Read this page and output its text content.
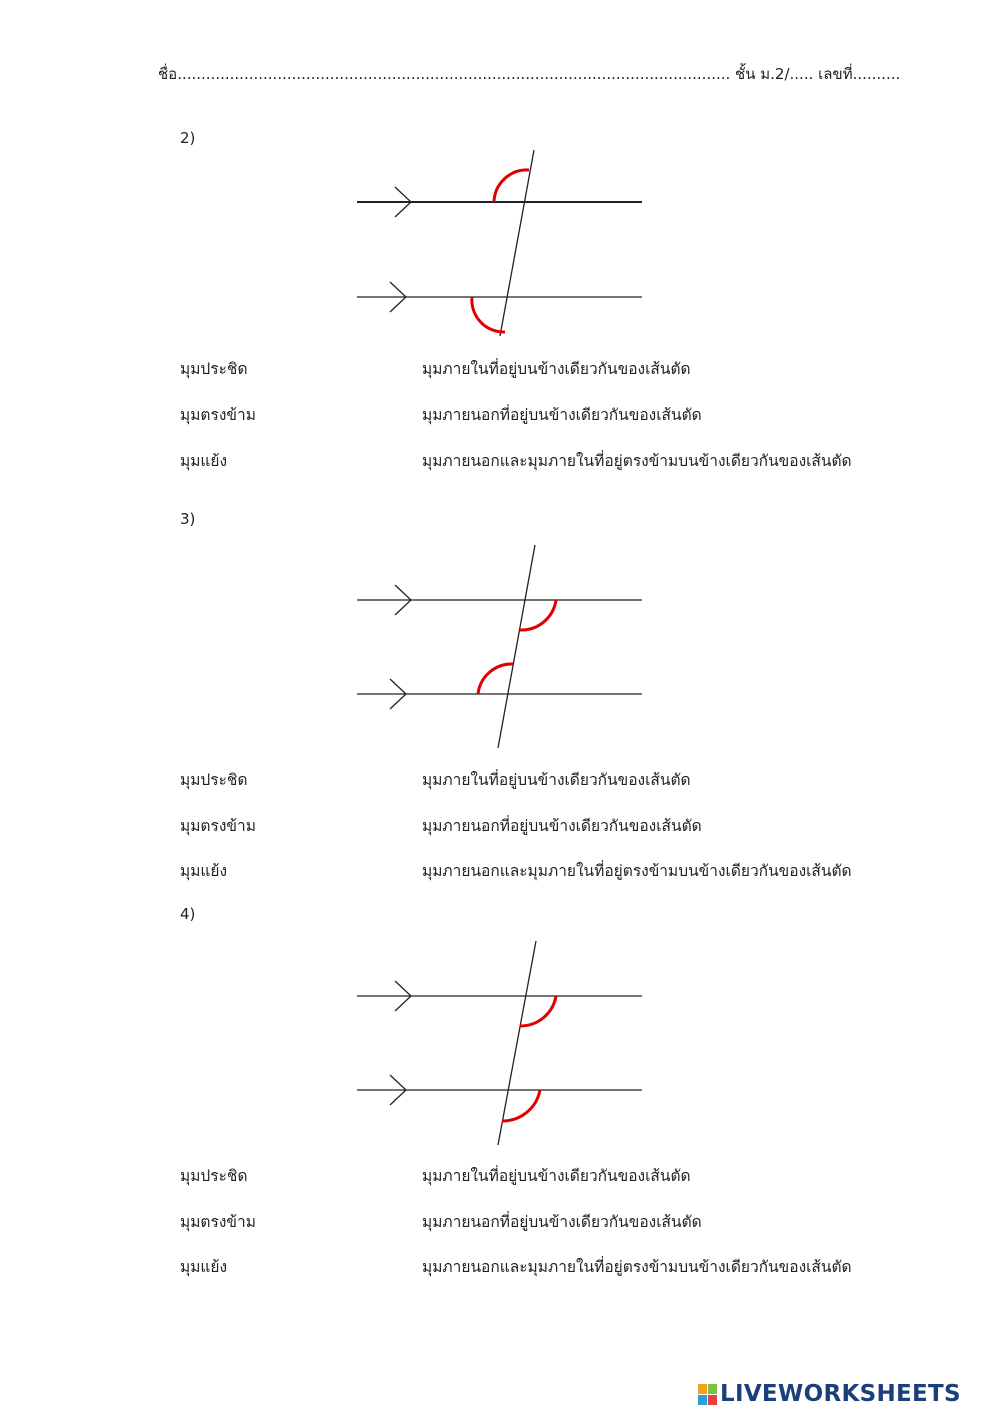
ชื่อ.................................................................................................................... ชั้น ม.2/..... เลขที่..........
2)
มุมประชิด	มุมภายในที่อยู่บนข้างเดียวกันของเส้นตัด
มุมตรงข้าม	มุมภายนอกที่อยู่บนข้างเดียวกันของเส้นตัด
มุมแย้ง	มุมภายนอกและมุมภายในที่อยู่ตรงข้ามบนข้างเดียวกันของเส้นตัด
3)
มุมประชิด	มุมภายในที่อยู่บนข้างเดียวกันของเส้นตัด
มุมตรงข้าม	มุมภายนอกที่อยู่บนข้างเดียวกันของเส้นตัด
มุมแย้ง	มุมภายนอกและมุมภายในที่อยู่ตรงข้ามบนข้างเดียวกันของเส้นตัด
4)
มุมประชิด	มุมภายในที่อยู่บนข้างเดียวกันของเส้นตัด
มุมตรงข้าม	มุมภายนอกที่อยู่บนข้างเดียวกันของเส้นตัด
มุมแย้ง	มุมภายนอกและมุมภายในที่อยู่ตรงข้ามบนข้างเดียวกันของเส้นตัด
LIVEWORKSHEETS
